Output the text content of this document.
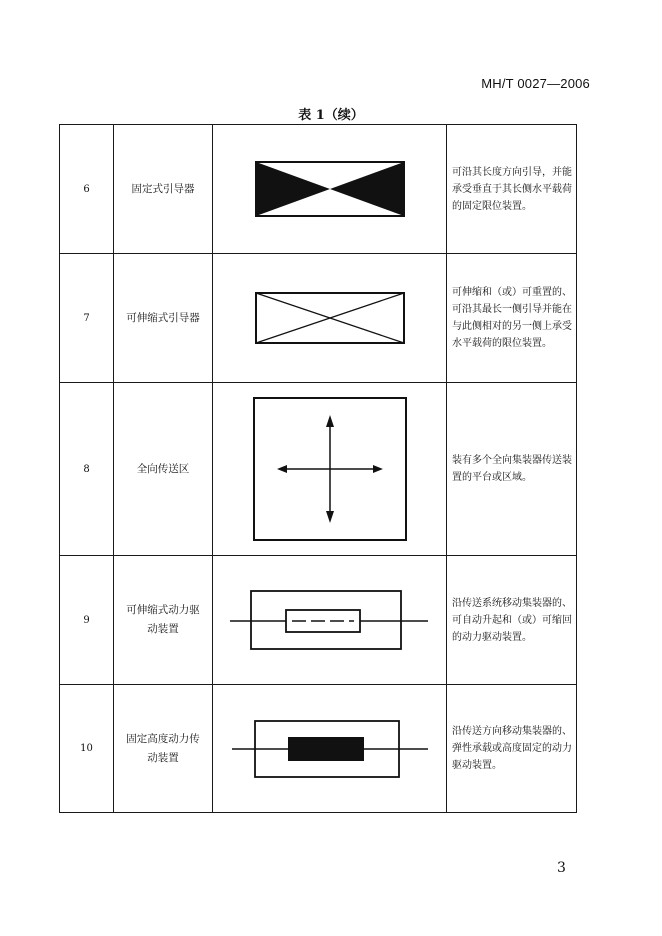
MH/T 0027—2006
表 1（续）
6	固定式引导器		可沿其长度方向引导，并能承受垂直于其长侧水平载荷的固定限位装置。
7	可伸缩式引导器		可伸缩和（或）可重置的、可沿其最长一侧引导并能在与此侧相对的另一侧上承受水平载荷的限位装置。
8	全向传送区		装有多个全向集装器传送装置的平台或区域。
9	可伸缩式动力驱动装置		沿传送系统移动集装器的、可自动升起和（或）可缩回的动力驱动装置。
10	固定高度动力传动装置		沿传送方向移动集装器的、弹性承载或高度固定的动力驱动装置。
3
